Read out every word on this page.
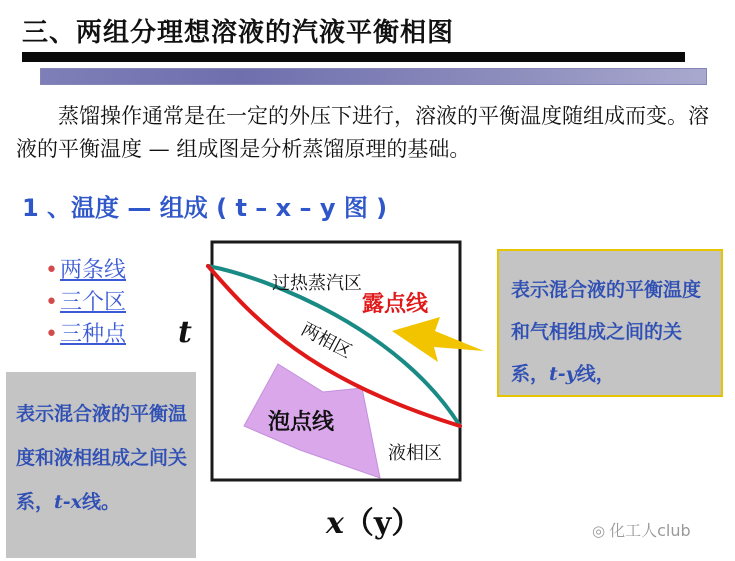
三、两组分理想溶液的汽液平衡相图
　　蒸馏操作通常是在一定的外压下进行，溶液的平衡温度随组成而变。溶液的平衡温度 — 组成图是分析蒸馏原理的基础。
1 、温度 — 组成 ( t – x – y 图 )
•两条线
•三个区
•三种点 t
过热蒸汽区
露点线
两相区
泡点线
液相区
x（y）
表示混合液的平衡温度和液相组成之间关系，t-x线。
表示混合液的平衡温度和气相组成之间的关系，t-y线，
◎ 化工人club
